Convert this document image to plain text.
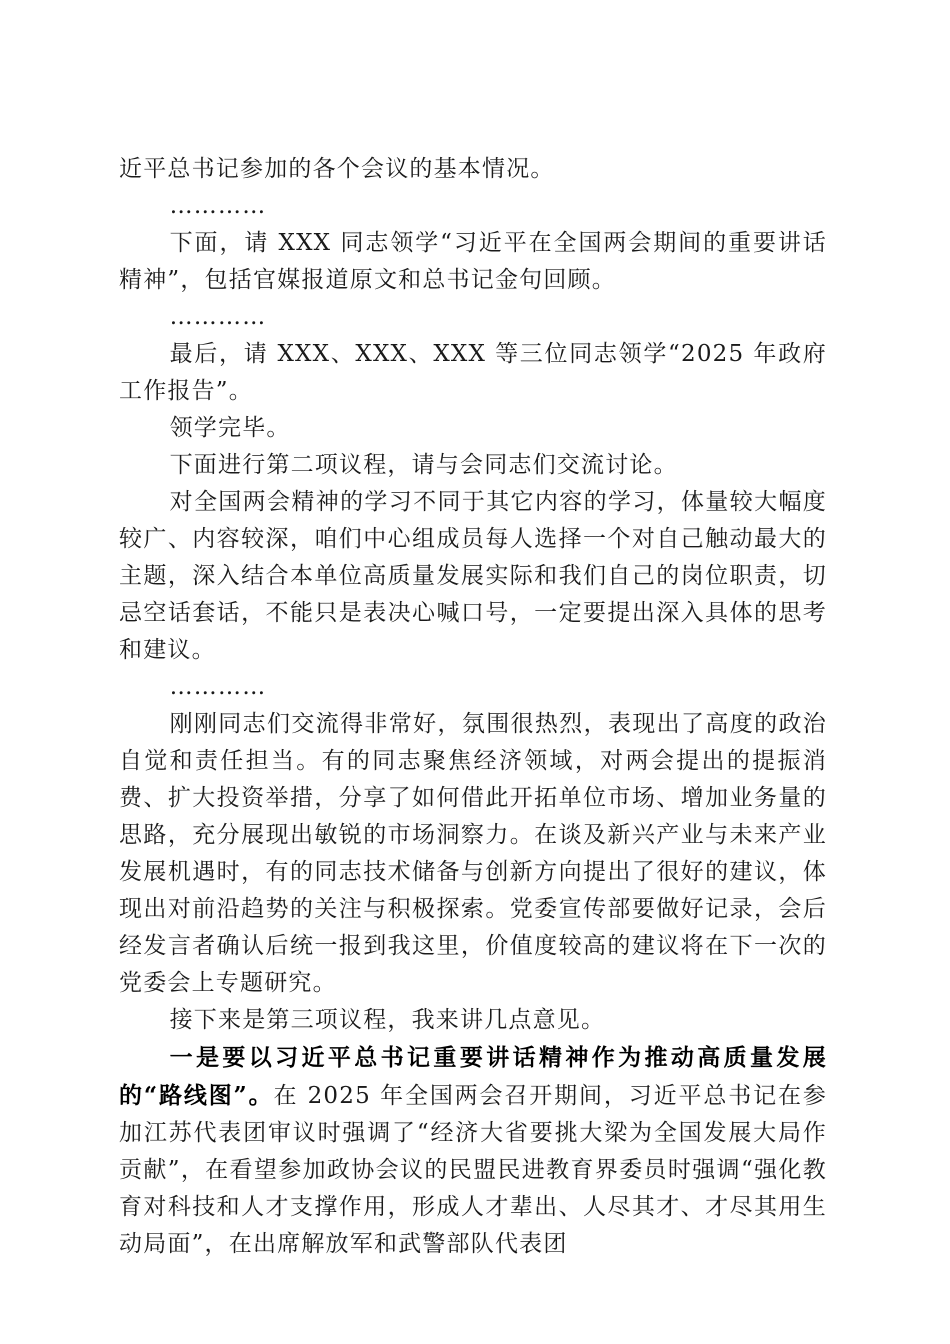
近平总书记参加的各个会议的基本情况。

…………

下面，请 XXX 同志领学“习近平在全国两会期间的重要讲话精神”，包括官媒报道原文和总书记金句回顾。

…………

最后，请 XXX、XXX、XXX 等三位同志领学“2025 年政府工作报告”。

领学完毕。

下面进行第二项议程，请与会同志们交流讨论。

对全国两会精神的学习不同于其它内容的学习，体量较大幅度较广、内容较深，咱们中心组成员每人选择一个对自己触动最大的主题，深入结合本单位高质量发展实际和我们自己的岗位职责，切忌空话套话，不能只是表决心喊口号，一定要提出深入具体的思考和建议。

…………

刚刚同志们交流得非常好，氛围很热烈，表现出了高度的政治自觉和责任担当。有的同志聚焦经济领域，对两会提出的提振消费、扩大投资举措，分享了如何借此开拓单位市场、增加业务量的思路，充分展现出敏锐的市场洞察力。在谈及新兴产业与未来产业发展机遇时，有的同志技术储备与创新方向提出了很好的建议，体现出对前沿趋势的关注与积极探索。党委宣传部要做好记录，会后经发言者确认后统一报到我这里，价值度较高的建议将在下一次的党委会上专题研究。

接下来是第三项议程，我来讲几点意见。

一是要以习近平总书记重要讲话精神作为推动高质量发展的“路线图”。在 2025 年全国两会召开期间，习近平总书记在参加江苏代表团审议时强调了“经济大省要挑大梁为全国发展大局作贡献”，在看望参加政协会议的民盟民进教育界委员时强调“强化教育对科技和人才支撑作用，形成人才辈出、人尽其才、才尽其用生动局面”，在出席解放军和武警部队代表团
